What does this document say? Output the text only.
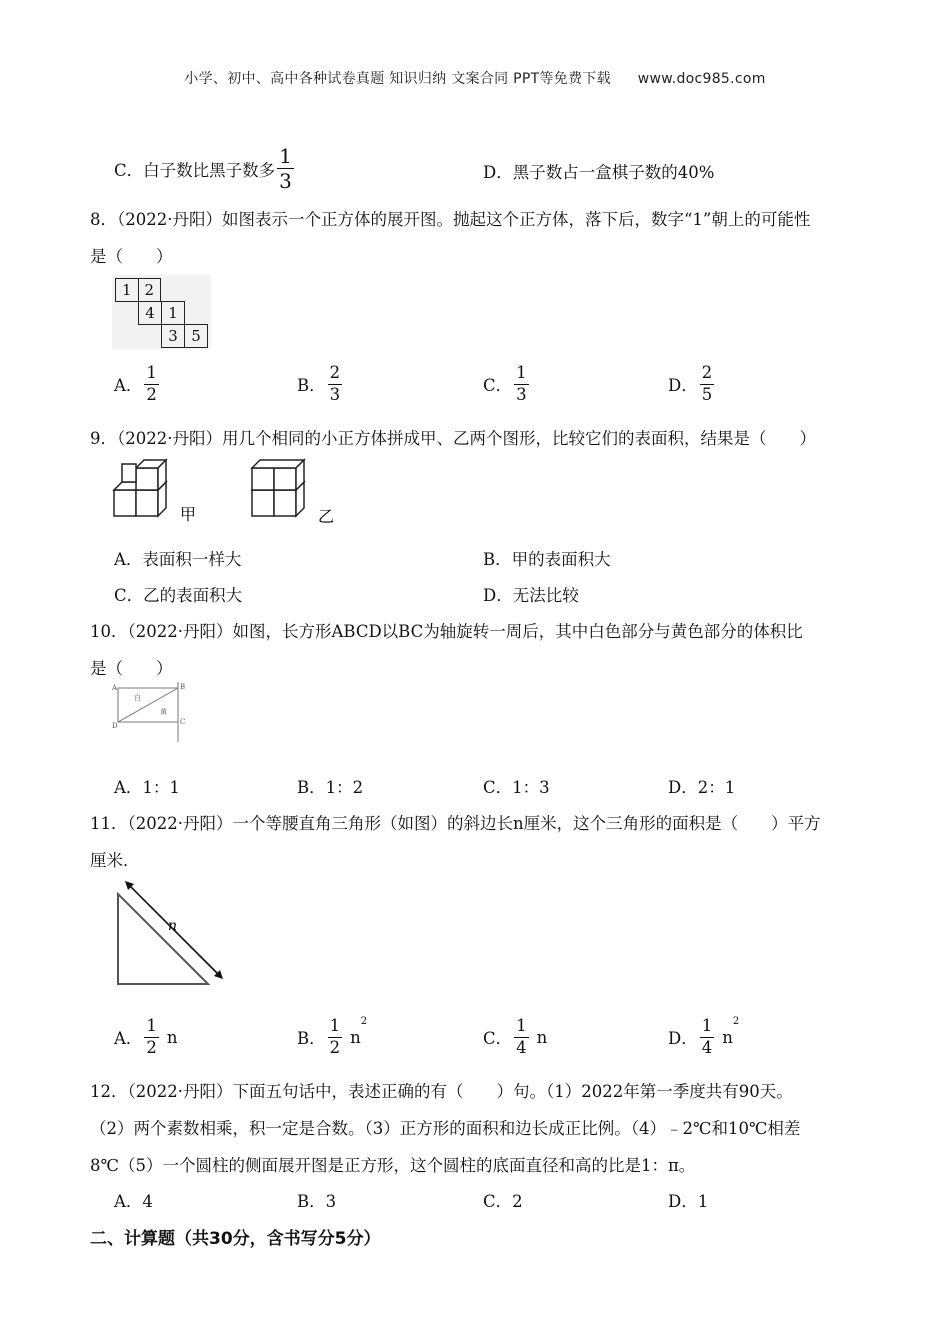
小学、初中、高中各种试卷真题 知识归纳 文案合同 PPT等免费下载 www.doc985.com
C．白子数比黑子数多 $\frac{1}{3}$	D．黑子数占一盒棋子数的40%
8．（2022·丹阳）如图表示一个正方体的展开图。抛起这个正方体，落下后，数字“1”朝上的可能性
是（　　）
1	2
4	1
3	5
A． $\frac{1}{2}$	B． $\frac{2}{3}$	C． $\frac{1}{3}$	D． $\frac{2}{5}$
9．（2022·丹阳）用几个相同的小正方体拼成甲、乙两个图形，比较它们的表面积，结果是（　　）
甲	乙
A．表面积一样大	B．甲的表面积大
C．乙的表面积大	D．无法比较
10．（2022·丹阳）如图，长方形ABCD以BC为轴旋转一周后，其中白色部分与黄色部分的体积比
是（　　）
A	B
C
D
白
黄
A．1：1	B．1：2	C．1：3	D．2：1
11．（2022·丹阳）一个等腰直角三角形（如图）的斜边长n厘米，这个三角形的面积是（　　）平方
厘米．
n
A． $\frac{1}{2}$ n	B． $\frac{1}{2} n^2$
C． $\frac{1}{4}$ n	D． $\frac{1}{4} n^2$
12．（2022·丹阳）下面五句话中，表述正确的有（　　）句。（1）2022年第一季度共有90天。
（2）两个素数相乘，积一定是合数。（3）正方形的面积和边长成正比例。（4）﹣2℃和10℃相差
8℃（5）一个圆柱的侧面展开图是正方形，这个圆柱的底面直径和高的比是1：π。
A．4	B．3	C．2	D．1
二、计算题（共30分，含书写分5分）
